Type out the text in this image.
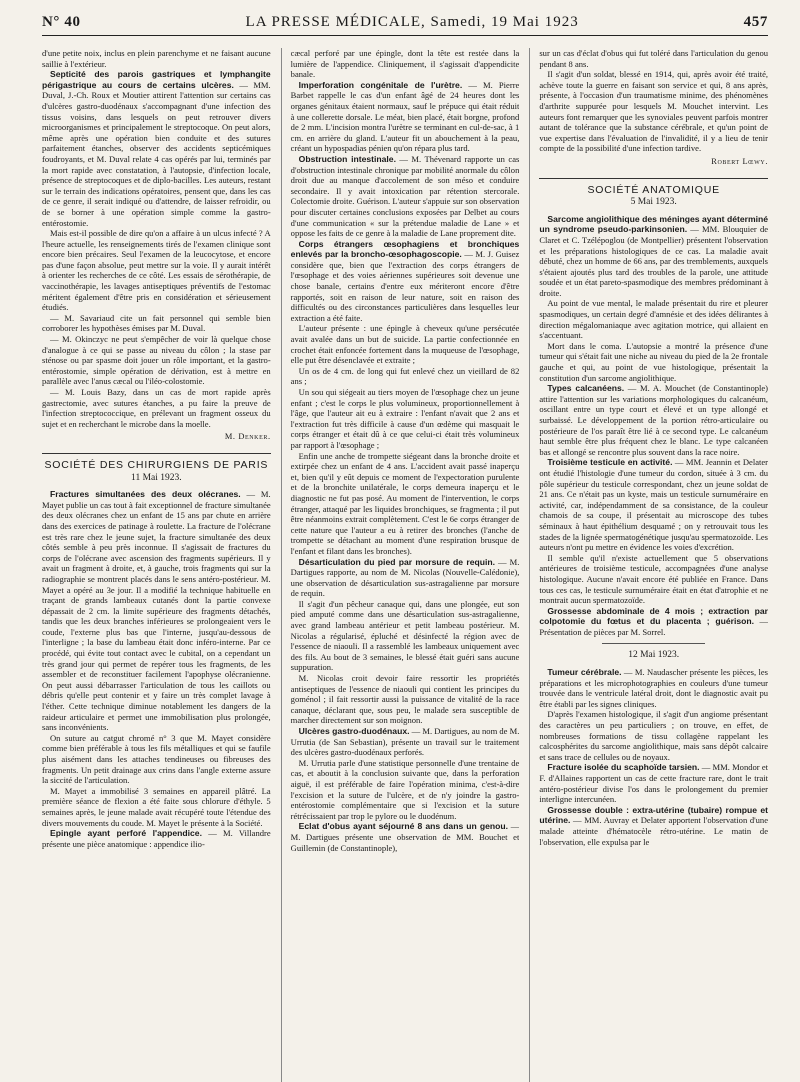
N° 40	LA PRESSE MÉDICALE, Samedi, 19 Mai 1923	457

d'une petite noix, inclus en plein parenchyme et ne faisant aucune saillie à l'extérieur.

Septicité des parois gastriques et lymphangite périgastrique au cours de certains ulcères. — MM. Duval, J.-Ch. Roux et Moutier attirent l'attention sur certains cas d'ulcères gastro-duodénaux s'accompagnant d'une infection des tissus voisins, dans lesquels on peut retrouver divers microorganismes et principalement le streptocoque. On peut alors, même après une opération bien conduite et des sutures parfaitement étanches, observer des accidents septicémiques foudroyants, et M. Duval relate 4 cas opérés par lui, terminés par la mort rapide avec constatation, à l'autopsie, d'infection locale, présence de streptocoques et de diplo-bacilles. Les auteurs, restant sur le terrain des indications opératoires, pensent que, dans les cas de ce genre, il serait indiqué ou d'attendre, de laisser refroidir, ou de se borner à une opération simple comme la gastro-entérostomie.

Mais est-il possible de dire qu'on a affaire à un ulcus infecté ? A l'heure actuelle, les renseignements tirés de l'examen clinique sont encore bien précaires. Seul l'examen de la leucocytose, et encore pas d'une façon absolue, peut mettre sur la voie. Il y aurait intérêt à orienter les recherches de ce côté. Les essais de sérothérapie, de vaccinothérapie, les lavages antiseptiques préventifs de l'estomac méritent également d'être pris en considération et sérieusement étudiés.

— M. Savariaud cite un fait personnel qui semble bien corroborer les hypothèses émises par M. Duval.

— M. Okinczyc ne peut s'empêcher de voir là quelque chose d'analogue à ce qui se passe au niveau du côlon ; la stase par sténose ou par spasme doit jouer un rôle important, et la gastro-entérostomie, simple opération de dérivation, est à mettre en parallèle avec l'anus cæcal ou l'iléo-colostomie.

— M. Louis Bazy, dans un cas de mort rapide après gastrectomie, avec sutures étanches, a pu faire la preuve de l'infection streptococcique, en prélevant un fragment osseux du sujet et en recherchant le microbe dans la moelle.

M. Denker.
SOCIÉTÉ DES CHIRURGIENS DE PARIS
11 Mai 1923.

Fractures simultanées des deux olécranes. — M. Mayet publie un cas tout à fait exceptionnel de fracture simultanée des deux olécranes chez un enfant de 15 ans par chute en arrière dans des exercices de patinage à roulette. La fracture de l'olécrane est très rare chez le jeune sujet, la fracture simultanée des deux côtés semble à peu près inconnue. Il s'agissait de fractures du corps de l'olécrane avec ascension des fragments supérieurs. Il y avait un fragment à droite, et, à gauche, trois fragments qui sur la radiographie se montrent placés dans le sens antéro-postérieur. M. Mayet a opéré au 3e jour. Il a modifié la technique habituelle en traçant de grands lambeaux cutanés dont la partie convexe dépassait de 2 cm. la limite supérieure des fragments détachés, tandis que les deux branches inférieures se prolongeaient vers le coude, l'externe plus bas que l'interne, jusqu'au-dessous de l'interligne ; la base du lambeau était donc inféro-interne. Par ce procédé, qui évite tout contact avec le cubital, on a cependant un très grand jour qui permet de repérer tous les fragments, de les assembler et de reconstituer facilement l'apophyse olécranienne. On peut aussi débarrasser l'articulation de tous les caillots ou débris qu'elle peut contenir et y faire un très complet lavage à l'éther. Cette technique diminue notablement les dangers de la raideur articulaire et permet une immobilisation plus prolongée, sans inconvénients.

On suture au catgut chromé n° 3 que M. Mayet considère comme bien préférable à tous les fils métalliques et qui se faufile plus aisément dans les attaches tendineuses ou fibreuses des fragments. Un petit drainage aux crins dans l'angle externe assure la siccité de l'articulation.

M. Mayet a immobilisé 3 semaines en appareil plâtré. La première séance de flexion a été faite sous chlorure d'éthyle. 5 semaines après, le jeune malade avait récupéré toute l'étendue des divers mouvements du coude. M. Mayet le présente à la Société.

Epingle ayant perforé l'appendice. — M. Villandre présente une pièce anatomique : appendice ilio-

cæcal perforé par une épingle, dont la tête est restée dans la lumière de l'appendice. Cliniquement, il s'agissait d'appendicite banale.

Imperforation congénitale de l'urètre. — M. Pierre Barbet rappelle le cas d'un enfant âgé de 24 heures dont les organes génitaux étaient normaux, sauf le prépuce qui était réduit à une collerette dorsale. Le méat, bien placé, était borgne, profond de 2 mm. L'incision montra l'urètre se terminant en cul-de-sac, à 1 cm. en arrière du gland. L'auteur fit un abouchement à la peau, créant un hypospadias pénien qu'on répara plus tard.

Obstruction intestinale. — M. Thévenard rapporte un cas d'obstruction intestinale chronique par mobilité anormale du côlon droit due au manque d'accolement de son méso et conduire secondaire. Il y avait intoxication par rétention stercorale. Colectomie droite. Guérison. L'auteur s'appuie sur son observation pour discuter certaines conclusions exposées par Delbet au cours d'une communication « sur la prétendue maladie de Lane » et oppose les faits de ce genre à la maladie de Lane proprement dite.

Corps étrangers œsophagiens et bronchiques enlevés par la broncho-œsophagoscopie. — M. J. Guisez considère que, bien que l'extraction des corps étrangers de l'œsophage et des voies aériennes supérieures soit devenue une chose banale, certains d'entre eux mériteront encore d'être rapportés, soit en raison de leur nature, soit en raison des difficultés ou des circonstances particulières dans lesquelles leur extraction a été faite.

L'auteur présente : une épingle à cheveux qu'une persécutée avait avalée dans un but de suicide. La partie confectionnée en crochet était enfoncée fortement dans la muqueuse de l'œsophage, elle put être désenclavée et extraite ;

Un os de 4 cm. de long qui fut enlevé chez un vieillard de 82 ans ;

Un sou qui siégeait au tiers moyen de l'œsophage chez un jeune enfant ; c'est le corps le plus volumineux, proportionnellement à l'âge, que l'auteur ait eu à extraire : l'enfant n'avait que 2 ans et l'extraction fut très difficile à cause d'un œdème qui masquait le corps étranger et était dû à ce que celui-ci était très volumineux par rapport à l'œsophage ;

Enfin une anche de trompette siégeant dans la bronche droite et extirpée chez un enfant de 4 ans. L'accident avait passé inaperçu et, bien qu'il y eût depuis ce moment de l'expectoration purulente et de la bronchite unilatérale, le corps demeura inaperçu et le diagnostic ne fut pas posé. Au moment de l'intervention, le corps étranger, attaqué par les liquides bronchiques, se fragmenta ; il put être néanmoins extrait complètement. C'est le 6e corps étranger de cette nature que l'auteur a eu à retirer des bronches (l'anche de trompette se détachant au moment d'une respiration brusque de l'enfant et filant dans les bronches).

Désarticulation du pied par morsure de requin. — M. Dartigues rapporte, au nom de M. Nicolas (Nouvelle-Calédonie), une observation de désarticulation sus-astragalienne par morsure de requin.

Il s'agit d'un pêcheur canaque qui, dans une plongée, eut son pied amputé comme dans une désarticulation sus-astragalienne, avec grand lambeau antérieur et petit lambeau postérieur. M. Nicolas a régularisé, épluché et désinfecté la région avec de l'essence de niaouli. Il a rassemblé les lambeaux uniquement avec des fils. Au bout de 3 semaines, le blessé était guéri sans aucune suppuration.

M. Nicolas croit devoir faire ressortir les propriétés antiseptiques de l'essence de niaouli qui contient les principes du goménol ; il fait ressortir aussi la puissance de vitalité de la race canaque, déclarant que, sous peu, le malade sera susceptible de marcher directement sur son moignon.

Ulcères gastro-duodénaux. — M. Dartigues, au nom de M. Urrutia (de San Sebastian), présente un travail sur le traitement des ulcères gastro-duodénaux perforés.

M. Urrutia parle d'une statistique personnelle d'une trentaine de cas, et aboutit à la conclusion suivante que, dans la perforation aiguë, il est préférable de faire l'opération minima, c'est-à-dire l'excision et la suture de l'ulcère, et de n'y joindre la gastro-entérostomie complémentaire que si l'excision et la suture rétrécissaient par trop le pylore ou le duodénum.

Eclat d'obus ayant séjourné 8 ans dans un genou. — M. Dartigues présente une observation de MM. Bouchet et Guillemin (de Constantinople),

sur un cas d'éclat d'obus qui fut toléré dans l'articulation du genou pendant 8 ans.

Il s'agit d'un soldat, blessé en 1914, qui, après avoir été traité, achève toute la guerre en faisant son service et qui, 8 ans après, présente, à l'occasion d'un traumatisme minime, des phénomènes d'arthrite suppurée pour lesquels M. Mouchet intervint. Les auteurs font remarquer que les synoviales peuvent parfois montrer autant de tolérance que la substance cérébrale, et qu'un point de vue expertise dans l'évaluation de l'invalidité, il y a lieu de tenir compte de la possibilité d'une infection tardive.

Robert Lœwy.
SOCIÉTÉ ANATOMIQUE
5 Mai 1923.

Sarcome angiolithique des méninges ayant déterminé un syndrome pseudo-parkinsonien. — MM. Blouquier de Claret et C. Tzélépoglou (de Montpellier) présentent l'observation et les préparations histologiques de ce cas. La maladie avait débuté, chez un homme de 66 ans, par des tremblements, auxquels s'étaient ajoutés plus tard des troubles de la parole, une attitude soudée et un état pareto-spasmodique des membres prédominant à droite.

Au point de vue mental, le malade présentait du rire et pleurer spasmodiques, un certain degré d'amnésie et des idées délirantes à direction mégalomaniaque avec agitation motrice, qui allaient en s'accentuant.

Mort dans le coma. L'autopsie a montré la présence d'une tumeur qui s'était fait une niche au niveau du pied de la 2e frontale gauche et qui, au point de vue histologique, présentait la constitution d'un sarcome angiolithique.

Types calcanéens. — M. A. Mouchet (de Constantinople) attire l'attention sur les variations morphologiques du calcanéum, oscillant entre un type court et élevé et un type allongé et surbaissé. Le développement de la portion rétro-articulaire ou postérieure de l'os paraît être lié à ce second type. Le calcanéum haut semble être plus fréquent chez le blanc. Le type calcanéen bas et allongé se rencontre plus souvent dans la race noire.

Troisième testicule en activité. — MM. Jeannin et Delater ont étudié l'histologie d'une tumeur du cordon, située à 3 cm. du pôle supérieur du testicule correspondant, chez un jeune soldat de 21 ans. Ce n'était pas un kyste, mais un testicule surnuméraire en activité, car, indépendamment de sa consistance, de la couleur chamois de sa coupe, il présentait au microscope des tubes séminaux à haut épithélium desquamé ; on y retrouvait tous les stades de la lignée spermatogénétique jusqu'au spermatozoïde. Les auteurs n'ont pu mettre en évidence les voies d'excrétion.

Il semble qu'il n'existe actuellement que 5 observations antérieures de troisième testicule, accompagnées d'une analyse histologique. Aucune n'avait encore été publiée en France. Dans tous ces cas, le testicule surnuméraire était en état d'atrophie et ne montrait aucun spermatozoïde.

Grossesse abdominale de 4 mois ; extraction par colpotomie du fœtus et du placenta ; guérison. — Présentation de pièces par M. Sorrel.

12 Mai 1923.

Tumeur cérébrale. — M. Naudascher présente les pièces, les préparations et les microphotographies en couleurs d'une tumeur trouvée dans le ventricule latéral droit, dont le diagnostic avait pu être établi par les signes cliniques.

D'après l'examen histologique, il s'agit d'un angiome présentant des caractères un peu particuliers ; on trouve, en effet, de nombreuses formations de tissu collagène rappelant les calcosphérites du sarcome angiolithique, mais sans dépôt calcaire et sans trace de cellules ou de noyaux.

Fracture isolée du scaphoïde tarsien. — MM. Mondor et F. d'Allaines rapportent un cas de cette fracture rare, dont le trait antéro-postérieur divise l'os dans le prolongement du premier interligne intercunéen.

Grossesse double : extra-utérine (tubaire) rompue et utérine. — MM. Auvray et Delater apportent l'observation d'une malade atteinte d'hématocèle rétro-utérine. Le matin de l'observation, elle expulsa par le
